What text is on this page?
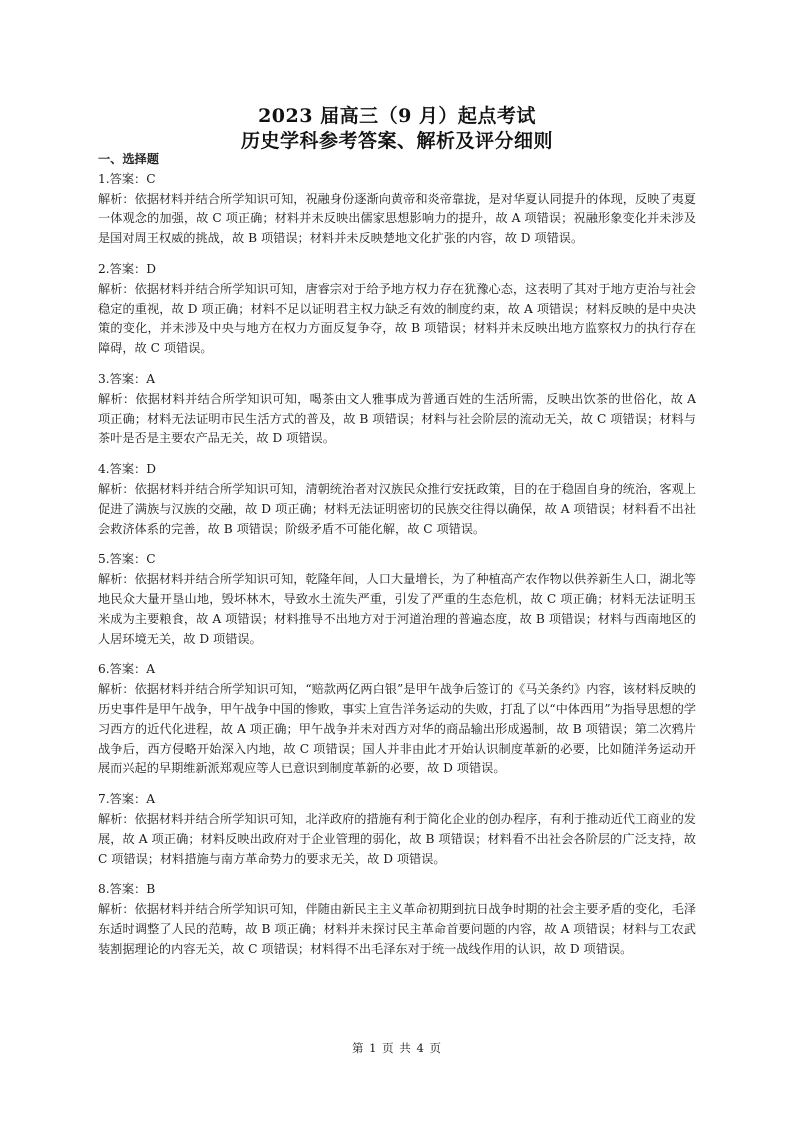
2023 届高三（9 月）起点考试
历史学科参考答案、解析及评分细则
一、选择题

1.答案：C

解析：依据材料并结合所学知识可知，祝融身份逐渐向黄帝和炎帝靠拢，是对华夏认同提升的体现，反映了夷夏一体观念的加强，故 C 项正确；材料并未反映出儒家思想影响力的提升，故 A 项错误；祝融形象变化并未涉及是国对周王权威的挑战，故 B 项错误；材料并未反映楚地文化扩张的内容，故 D 项错误。

2.答案：D

解析：依据材料并结合所学知识可知，唐睿宗对于给予地方权力存在犹豫心态，这表明了其对于地方吏治与社会稳定的重视，故 D 项正确；材料不足以证明君主权力缺乏有效的制度约束，故 A 项错误；材料反映的是中央决策的变化，并未涉及中央与地方在权力方面反复争夺，故 B 项错误；材料并未反映出地方监察权力的执行存在障碍，故 C 项错误。

3.答案：A

解析：依据材料并结合所学知识可知，喝茶由文人雅事成为普通百姓的生活所需，反映出饮茶的世俗化，故 A 项正确；材料无法证明市民生活方式的普及，故 B 项错误；材料与社会阶层的流动无关，故 C 项错误；材料与茶叶是否是主要农产品无关，故 D 项错误。

4.答案：D

解析：依据材料并结合所学知识可知，清朝统治者对汉族民众推行安抚政策，目的在于稳固自身的统治，客观上促进了满族与汉族的交融，故 D 项正确；材料无法证明密切的民族交往得以确保，故 A 项错误；材料看不出社会救济体系的完善，故 B 项错误；阶级矛盾不可能化解，故 C 项错误。

5.答案：C

解析：依据材料并结合所学知识可知，乾隆年间，人口大量增长，为了种植高产农作物以供养新生人口，湖北等地民众大量开垦山地，毁坏林木，导致水土流失严重，引发了严重的生态危机，故 C 项正确；材料无法证明玉米成为主要粮食，故 A 项错误；材料推导不出地方对于河道治理的普遍态度，故 B 项错误；材料与西南地区的人居环境无关，故 D 项错误。

6.答案：A

解析：依据材料并结合所学知识可知，“赔款两亿两白银”是甲午战争后签订的《马关条约》内容，该材料反映的历史事件是甲午战争，甲午战争中国的惨败，事实上宣告洋务运动的失败，打乱了以“中体西用”为指导思想的学习西方的近代化进程，故 A 项正确；甲午战争并未对西方对华的商品输出形成遏制，故 B 项错误；第二次鸦片战争后，西方侵略开始深入内地，故 C 项错误；国人并非由此才开始认识制度革新的必要，比如随洋务运动开展而兴起的早期维新派郑观应等人已意识到制度革新的必要，故 D 项错误。

7.答案：A

解析：依据材料并结合所学知识可知，北洋政府的措施有利于简化企业的创办程序，有利于推动近代工商业的发展，故 A 项正确；材料反映出政府对于企业管理的弱化，故 B 项错误；材料看不出社会各阶层的广泛支持，故 C 项错误；材料措施与南方革命势力的要求无关，故 D 项错误。

8.答案：B

解析：依据材料并结合所学知识可知，伴随由新民主主义革命初期到抗日战争时期的社会主要矛盾的变化，毛泽东适时调整了人民的范畴，故 B 项正确；材料并未探讨民主革命首要问题的内容，故 A 项错误；材料与工农武装割据理论的内容无关，故 C 项错误；材料得不出毛泽东对于统一战线作用的认识，故 D 项错误。

第 1 页 共 4 页
